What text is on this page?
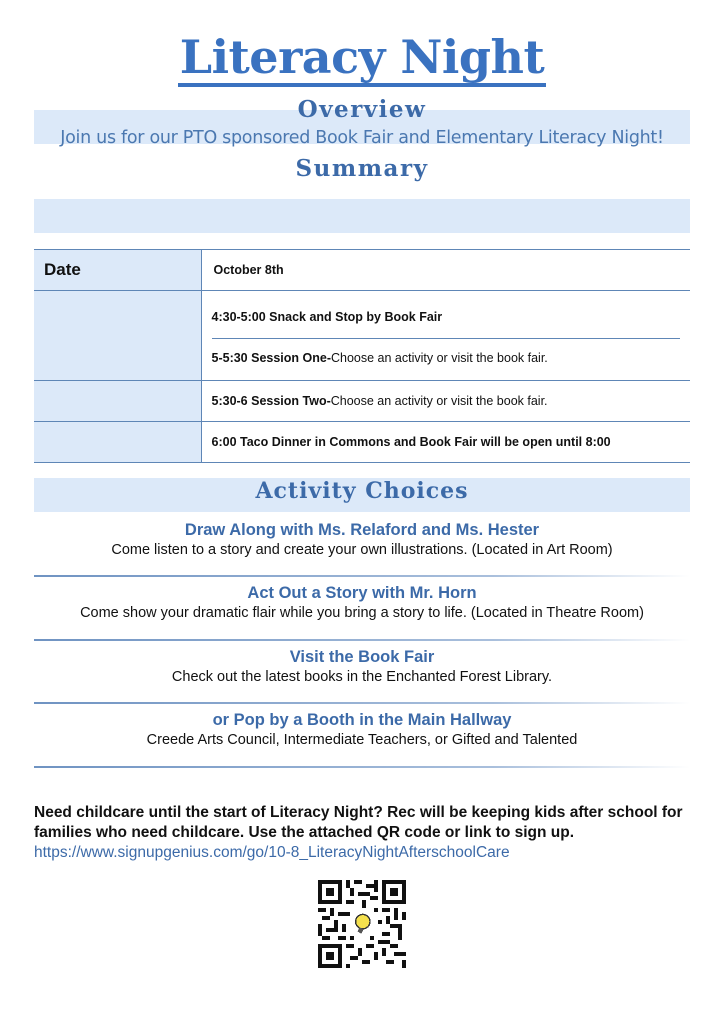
Literacy Night
Overview
Join us for our PTO sponsored Book Fair and Elementary Literacy Night!
Summary
Date	October 8th

	4:30-5:00 Snack and Stop by Book Fair
5-5:30 Session One-Choose an activity or visit the book fair.

	5:30-6 Session Two-Choose an activity or visit the book fair.
	6:00 Taco Dinner in Commons and Book Fair will be open until 8:00
Activity Choices
Draw Along with Ms. Relaford and Ms. Hester
Come listen to a story and create your own illustrations. (Located in Art Room)
Act Out a Story with Mr. Horn
Come show your dramatic flair while you bring a story to life. (Located in Theatre Room)
Visit the Book Fair
Check out the latest books in the Enchanted Forest Library.
or Pop by a Booth in the Main Hallway
Creede Arts Council, Intermediate Teachers, or Gifted and Talented
Need childcare until the start of Literacy Night? Rec will be keeping kids after school for families who need childcare. Use the attached QR code or link to sign up.
https://www.signupgenius.com/go/10-8_LiteracyNightAfterschoolCare
